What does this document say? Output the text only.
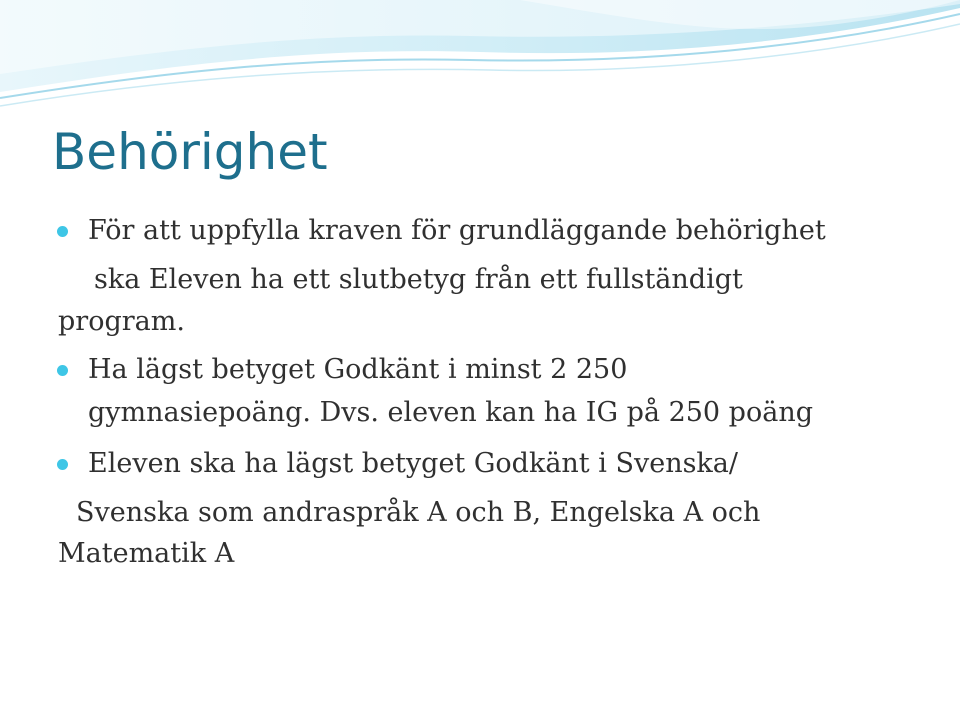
Behörighet
För att uppfylla kraven för grundläggande behörighet
ska Eleven ha ett slutbetyg från ett fullständigt
program.
Ha lägst betyget Godkänt i minst 2 250
gymnasiepoäng. Dvs. eleven kan ha IG på 250 poäng
Eleven ska ha lägst betyget Godkänt i Svenska/
Svenska som andraspråk A och B, Engelska A och
Matematik A
